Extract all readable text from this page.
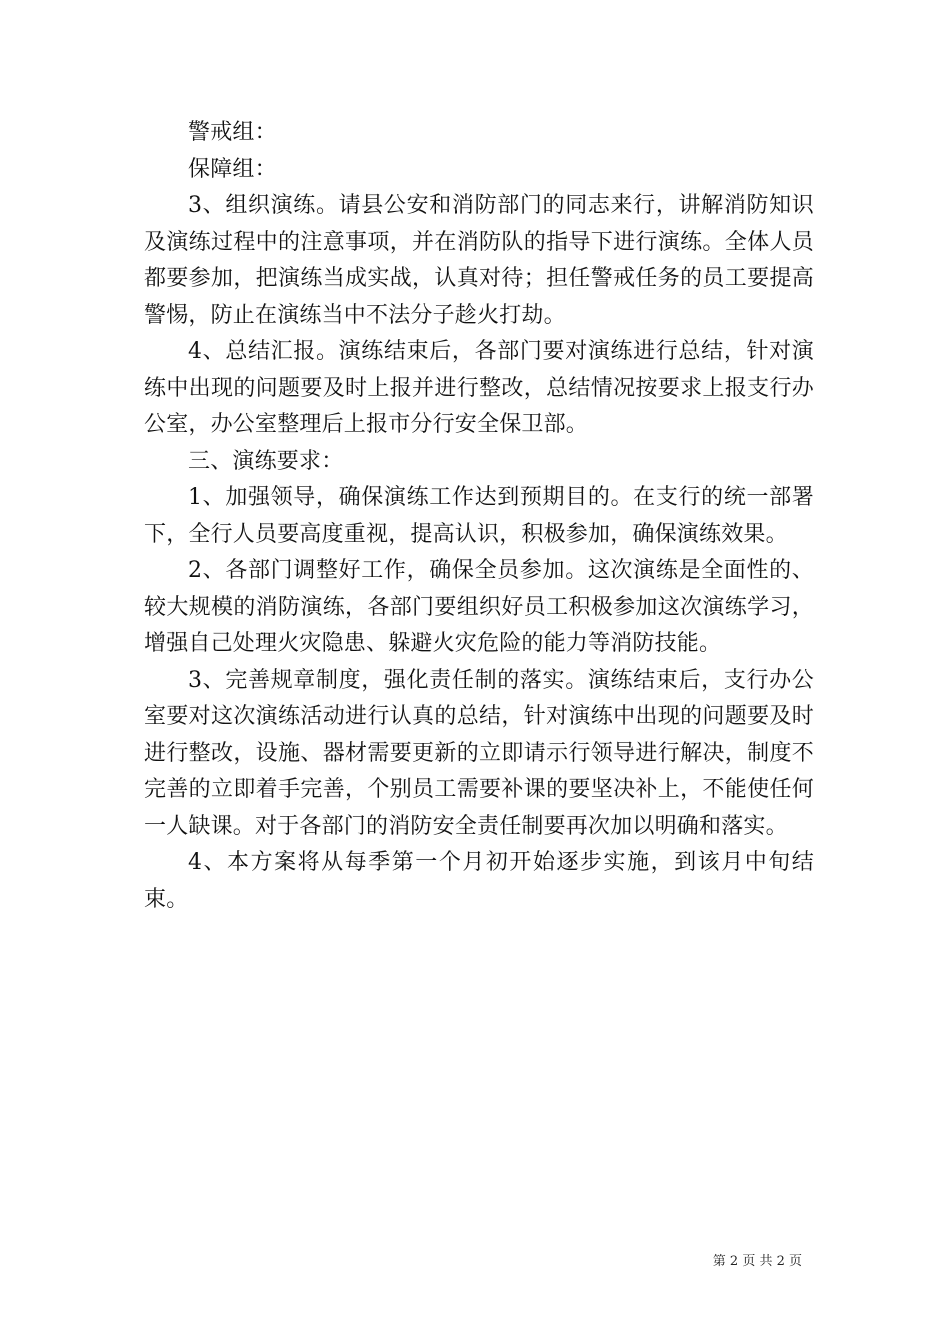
警戒组：

保障组：

3、组织演练。请县公安和消防部门的同志来行，讲解消防知识及演练过程中的注意事项，并在消防队的指导下进行演练。全体人员都要参加，把演练当成实战，认真对待；担任警戒任务的员工要提高警惕，防止在演练当中不法分子趁火打劫。

4、总结汇报。演练结束后，各部门要对演练进行总结，针对演练中出现的问题要及时上报并进行整改，总结情况按要求上报支行办公室，办公室整理后上报市分行安全保卫部。

三、演练要求：

1、加强领导，确保演练工作达到预期目的。在支行的统一部署下，全行人员要高度重视，提高认识，积极参加，确保演练效果。

2、各部门调整好工作，确保全员参加。这次演练是全面性的、较大规模的消防演练，各部门要组织好员工积极参加这次演练学习，增强自己处理火灾隐患、躲避火灾危险的能力等消防技能。

3、完善规章制度，强化责任制的落实。演练结束后，支行办公室要对这次演练活动进行认真的总结，针对演练中出现的问题要及时进行整改，设施、器材需要更新的立即请示行领导进行解决，制度不完善的立即着手完善，个别员工需要补课的要坚决补上，不能使任何一人缺课。对于各部门的消防安全责任制要再次加以明确和落实。

4、本方案将从每季第一个月初开始逐步实施，到该月中旬结束。

第 2 页 共 2 页
